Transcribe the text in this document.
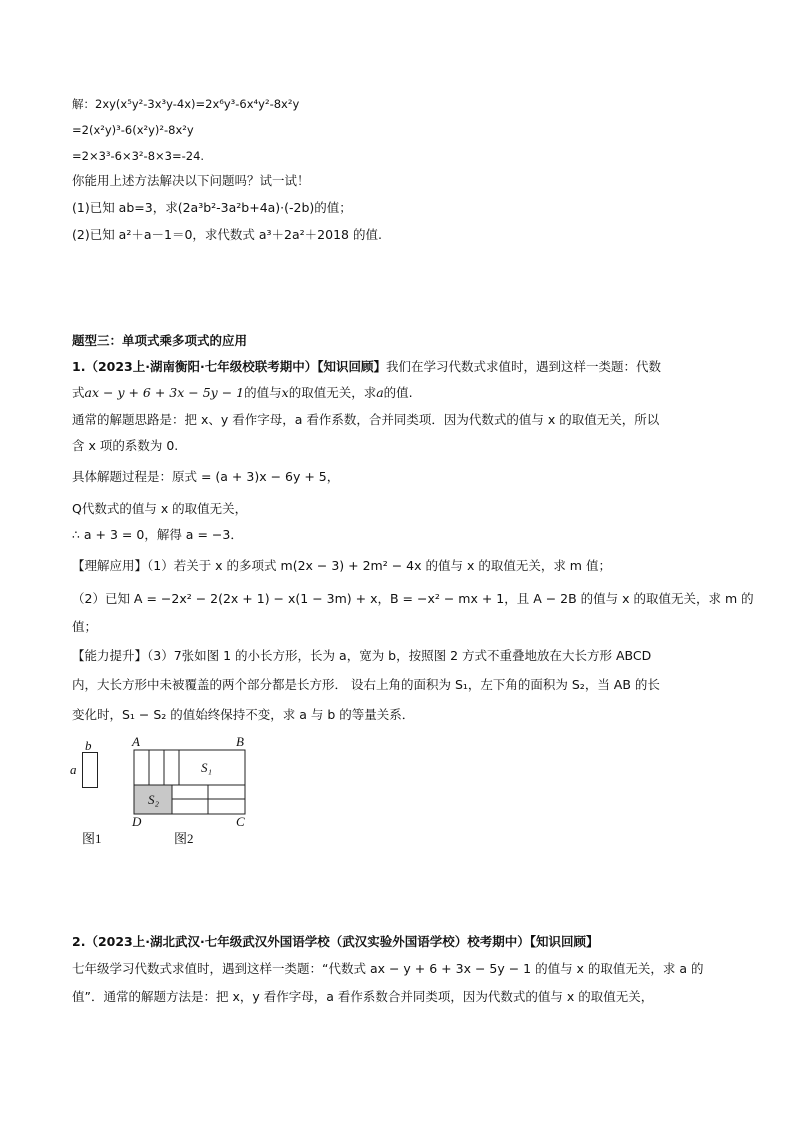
解：2xy(x⁵y²-3x³y-4x)=2x⁶y³-6x⁴y²-8x²y
=2(x²y)³-6(x²y)²-8x²y
=2×3³-6×3²-8×3=-24.
你能用上述方法解决以下问题吗？试一试！
(1)已知 ab=3，求(2a³b²-3a²b+4a)·(-2b)的值；
(2)已知 a²＋a－1＝0，求代数式 a³＋2a²＋2018 的值.
题型三：单项式乘多项式的应用
1.（2023上·湖南衡阳·七年级校联考期中）【知识回顾】我们在学习代数式求值时，遇到这样一类题：代数
式ax − y + 6 + 3x − 5y − 1的值与x的取值无关，求a的值.
通常的解题思路是：把 x、y 看作字母，a 看作系数，合并同类项．因为代数式的值与 x 的取值无关，所以
含 x 项的系数为 0.
具体解题过程是：原式 = (a + 3)x − 6y + 5，
Q代数式的值与 x 的取值无关，
∴ a + 3 = 0，解得 a = −3．
【理解应用】（1）若关于 x 的多项式 m(2x − 3) + 2m² − 4x 的值与 x 的取值无关，求 m 值；
（2）已知 A = −2x² − 2(2x + 1) − x(1 − 3m) + x，B = −x² − mx + 1，且 A − 2B 的值与 x 的取值无关，求 m 的
值；
【能力提升】（3）7张如图 1 的小长方形，长为 a，宽为 b，按照图 2 方式不重叠地放在大长方形 ABCD
内，大长方形中未被覆盖的两个部分都是长方形． 设右上角的面积为 S₁，左下角的面积为 S₂，当 AB 的长
变化时，S₁ − S₂ 的值始终保持不变，求 a 与 b 的等量关系．
b
a
图1
A	B
D	C
S₁
S₂
图2
2.（2023上·湖北武汉·七年级武汉外国语学校（武汉实验外国语学校）校考期中）【知识回顾】
七年级学习代数式求值时，遇到这样一类题：“代数式 ax − y + 6 + 3x − 5y − 1 的值与 x 的取值无关，求 a 的
值”．通常的解题方法是：把 x，y 看作字母，a 看作系数合并同类项，因为代数式的值与 x 的取值无关，
